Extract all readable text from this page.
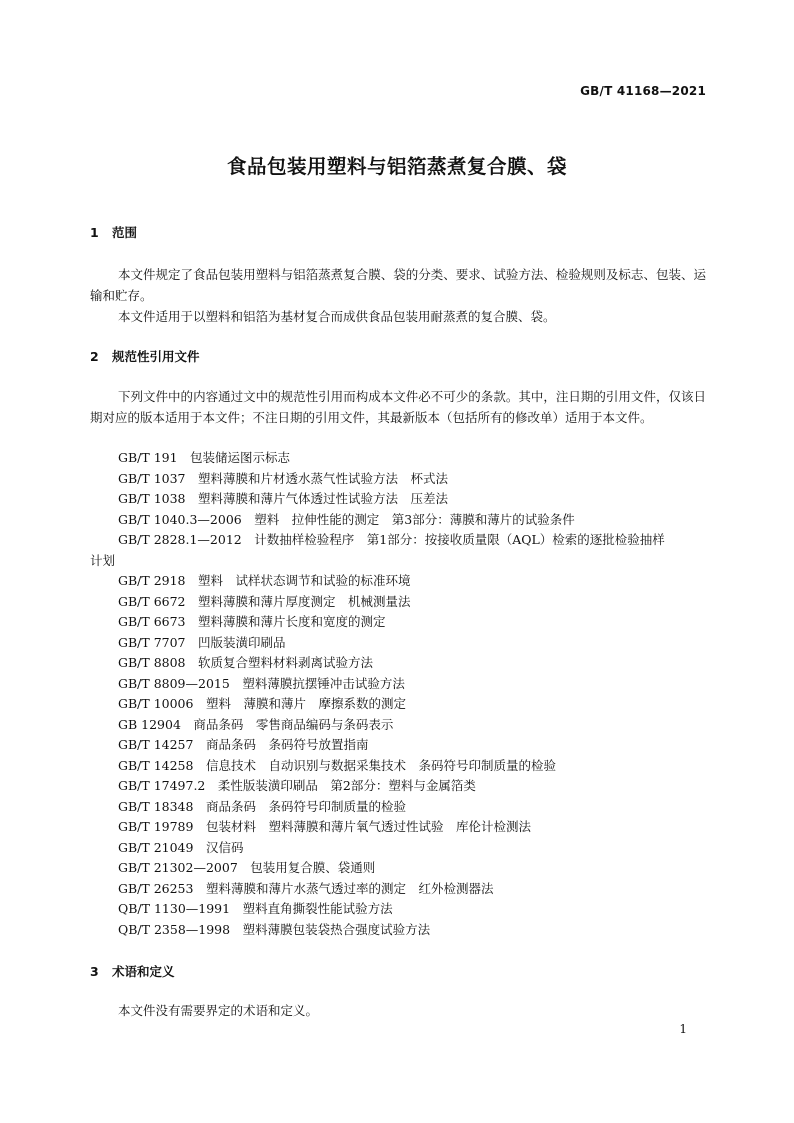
GB/T 41168—2021
食品包装用塑料与铝箔蒸煮复合膜、袋
1 范围
本文件规定了食品包装用塑料与铝箔蒸煮复合膜、袋的分类、要求、试验方法、检验规则及标志、包装、运输和贮存。
本文件适用于以塑料和铝箔为基材复合而成供食品包装用耐蒸煮的复合膜、袋。
2 规范性引用文件
下列文件中的内容通过文中的规范性引用而构成本文件必不可少的条款。其中，注日期的引用文件，仅该日期对应的版本适用于本文件；不注日期的引用文件，其最新版本（包括所有的修改单）适用于本文件。
GB/T 191　包装储运图示标志
GB/T 1037　塑料薄膜和片材透水蒸气性试验方法　杯式法
GB/T 1038　塑料薄膜和薄片气体透过性试验方法　压差法
GB/T 1040.3—2006　塑料　拉伸性能的测定　第3部分：薄膜和薄片的试验条件
GB/T 2828.1—2012　计数抽样检验程序　第1部分：按接收质量限（AQL）检索的逐批检验抽样
计划
GB/T 2918　塑料　试样状态调节和试验的标准环境
GB/T 6672　塑料薄膜和薄片厚度测定　机械测量法
GB/T 6673　塑料薄膜和薄片长度和宽度的测定
GB/T 7707　凹版装潢印刷品
GB/T 8808　软质复合塑料材料剥离试验方法
GB/T 8809—2015　塑料薄膜抗摆锤冲击试验方法
GB/T 10006　塑料　薄膜和薄片　摩擦系数的测定
GB 12904　商品条码　零售商品编码与条码表示
GB/T 14257　商品条码　条码符号放置指南
GB/T 14258　信息技术　自动识别与数据采集技术　条码符号印制质量的检验
GB/T 17497.2　柔性版装潢印刷品　第2部分：塑料与金属箔类
GB/T 18348　商品条码　条码符号印制质量的检验
GB/T 19789　包装材料　塑料薄膜和薄片氧气透过性试验　库伦计检测法
GB/T 21049　汉信码
GB/T 21302—2007　包装用复合膜、袋通则
GB/T 26253　塑料薄膜和薄片水蒸气透过率的测定　红外检测器法
QB/T 1130—1991　塑料直角撕裂性能试验方法
QB/T 2358—1998　塑料薄膜包装袋热合强度试验方法
3 术语和定义
本文件没有需要界定的术语和定义。
1
